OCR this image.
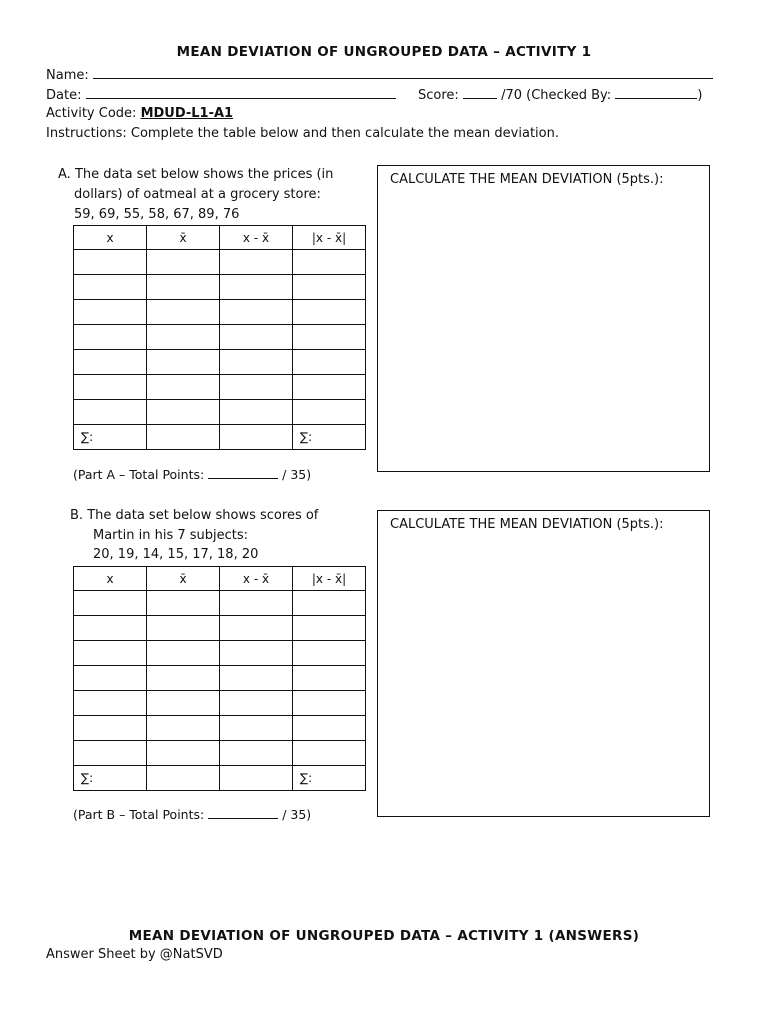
MEAN DEVIATION OF UNGROUPED DATA – ACTIVITY 1
Name:
Date:	Score:	/70 (Checked By:	)
Activity Code: MDUD-L1-A1
Instructions: Complete the table below and then calculate the mean deviation.
A. The data set below shows the prices (in
dollars) of oatmeal at a grocery store:
59, 69, 55, 58, 67, 89, 76
x	x̄	x - x̄	|x - x̄|

∑:			∑:
(Part A – Total Points:	/ 35)
CALCULATE THE MEAN DEVIATION (5pts.):
B. The data set below shows scores of
Martin in his 7 subjects:
20, 19, 14, 15, 17, 18, 20
x	x̄	x - x̄	|x - x̄|

∑:			∑:
(Part B – Total Points:	/ 35)
CALCULATE THE MEAN DEVIATION (5pts.):
MEAN DEVIATION OF UNGROUPED DATA – ACTIVITY 1 (ANSWERS)
Answer Sheet by @NatSVD
